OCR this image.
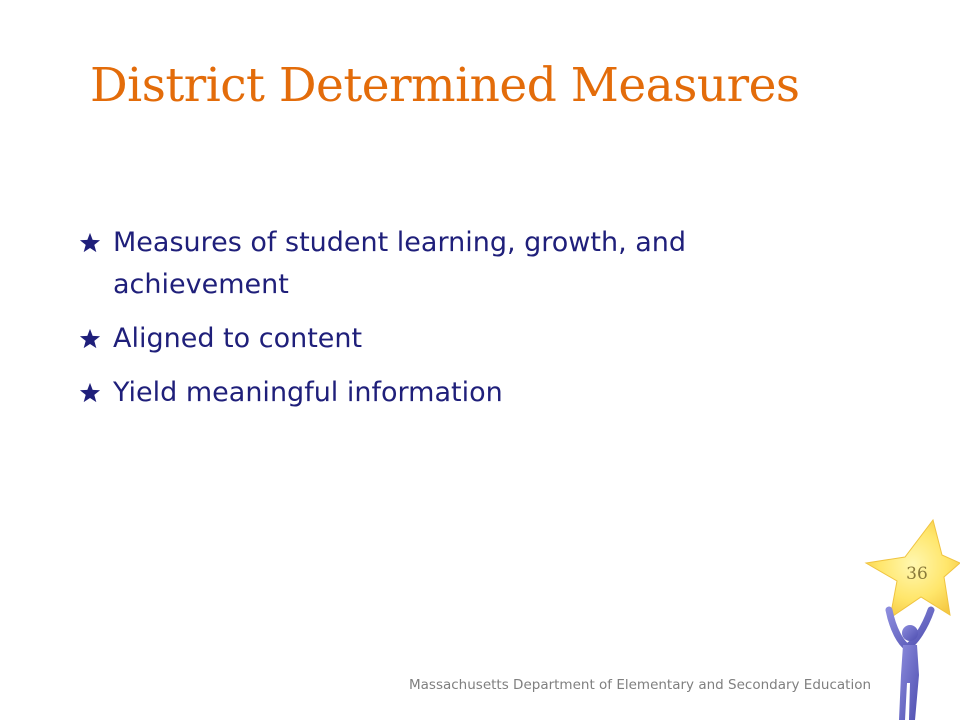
District Determined Measures
Measures of student learning, growth, and achievement
Aligned to content
Yield meaningful information
36
Massachusetts Department of Elementary and Secondary Education
